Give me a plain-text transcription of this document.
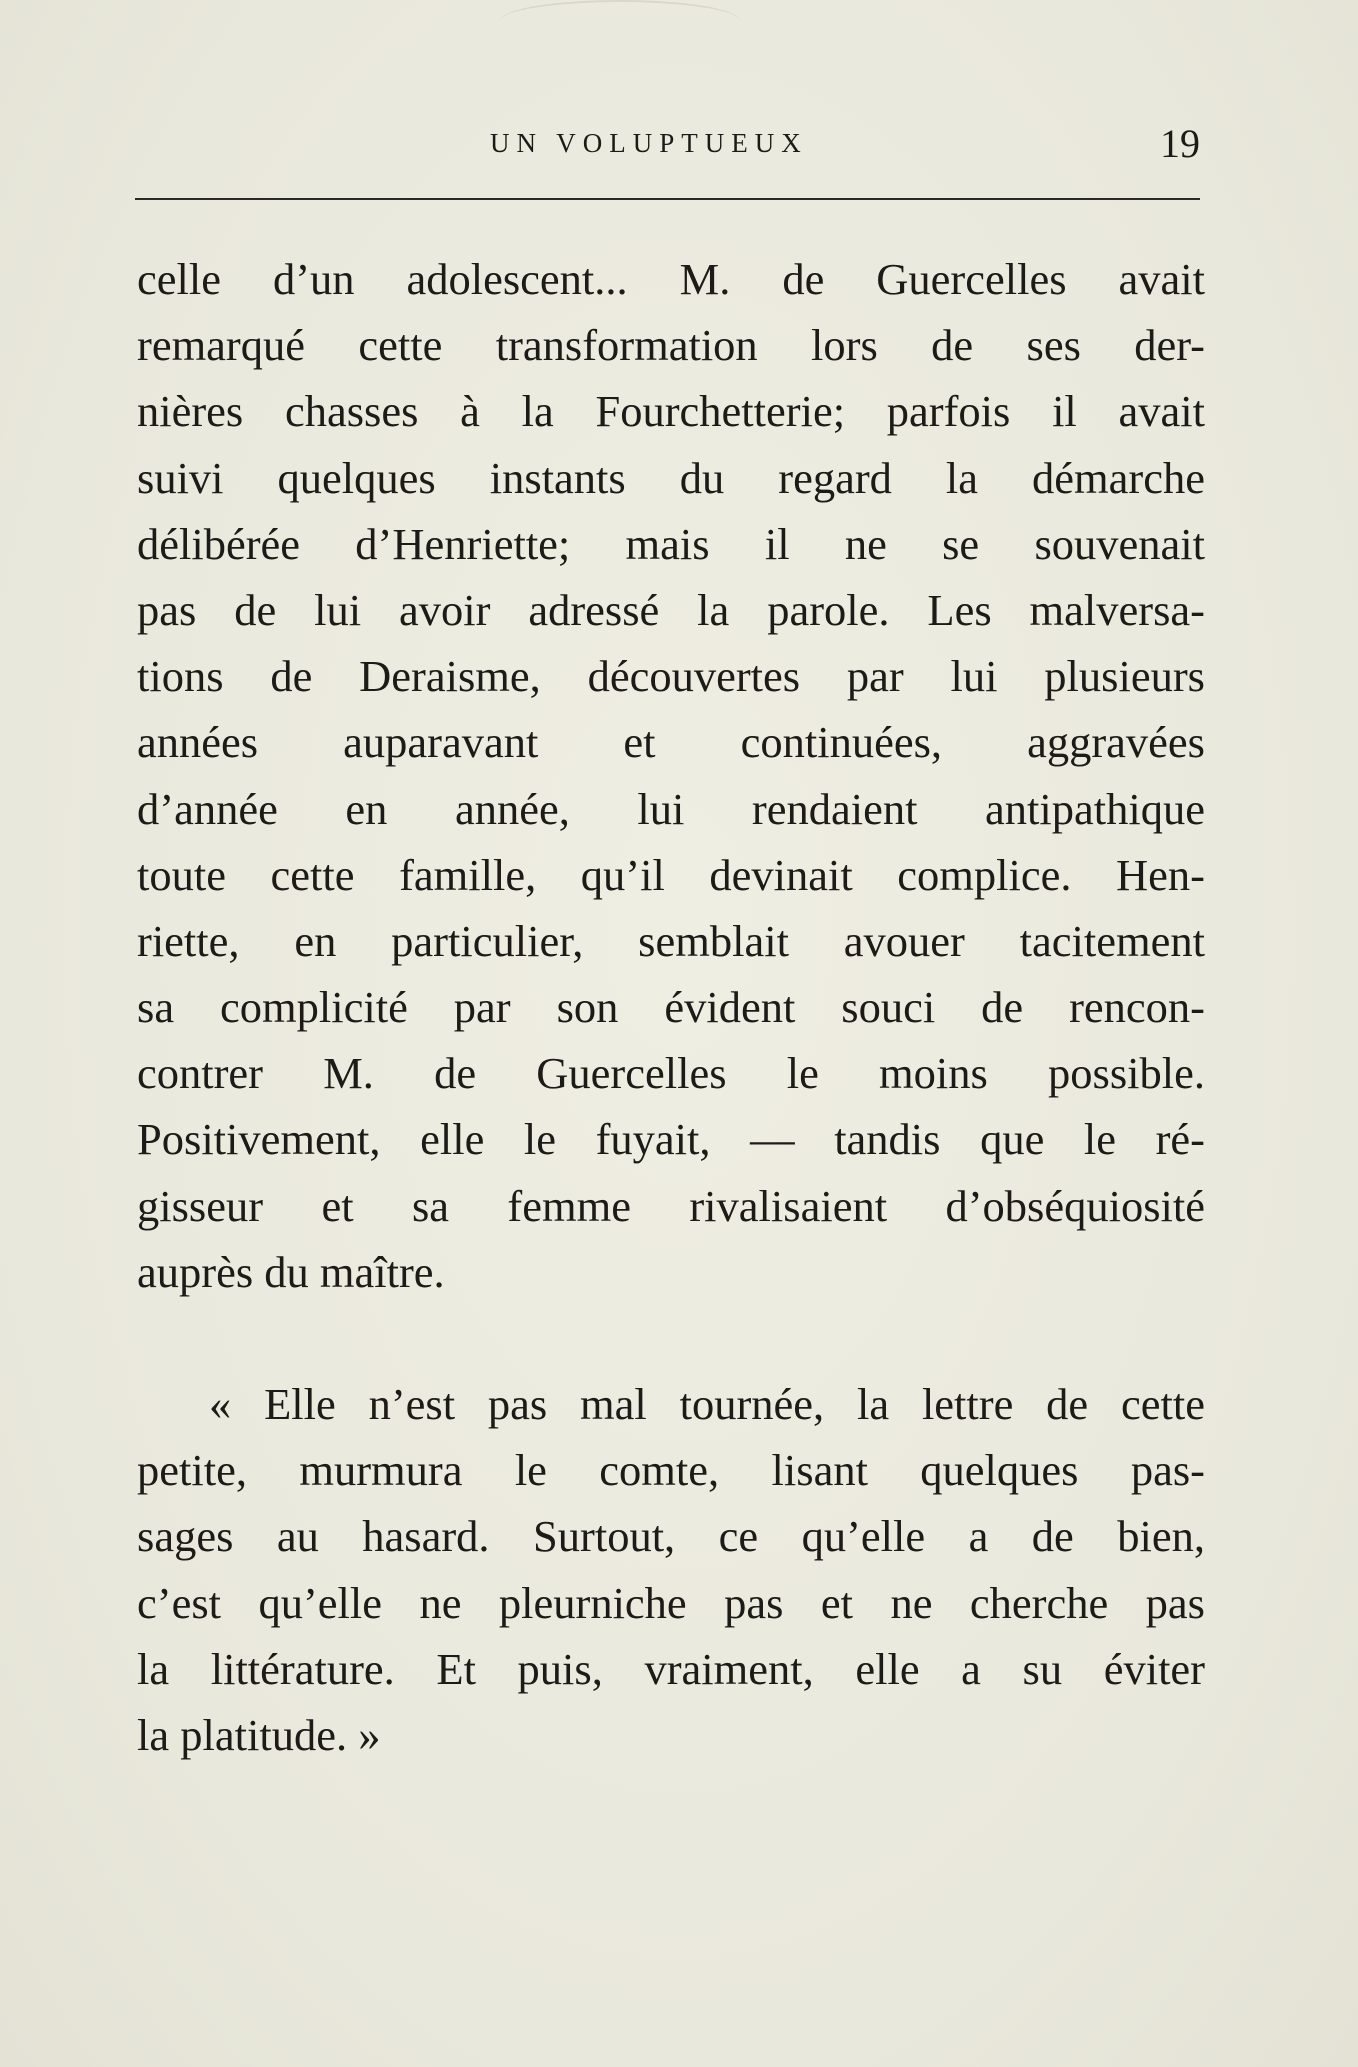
UN VOLUPTUEUX	19
celle d’un adolescent... M. de Guercelles avait
remarqué cette transformation lors de ses der-
nières chasses à la Fourchetterie; parfois il avait
suivi quelques instants du regard la démarche
délibérée d’Henriette; mais il ne se souvenait
pas de lui avoir adressé la parole. Les malversa-
tions de Deraisme, découvertes par lui plusieurs
années auparavant et continuées, aggravées
d’année en année, lui rendaient antipathique
toute cette famille, qu’il devinait complice. Hen-
riette, en particulier, semblait avouer tacitement
sa complicité par son évident souci de rencon-
contrer M. de Guercelles le moins possible.
Positivement, elle le fuyait, — tandis que le ré-
gisseur et sa femme rivalisaient d’obséquiosité
auprès du maître.
« Elle n’est pas mal tournée, la lettre de cette
petite, murmura le comte, lisant quelques pas-
sages au hasard. Surtout, ce qu’elle a de bien,
c’est qu’elle ne pleurniche pas et ne cherche pas
la littérature. Et puis, vraiment, elle a su éviter
la platitude. »
